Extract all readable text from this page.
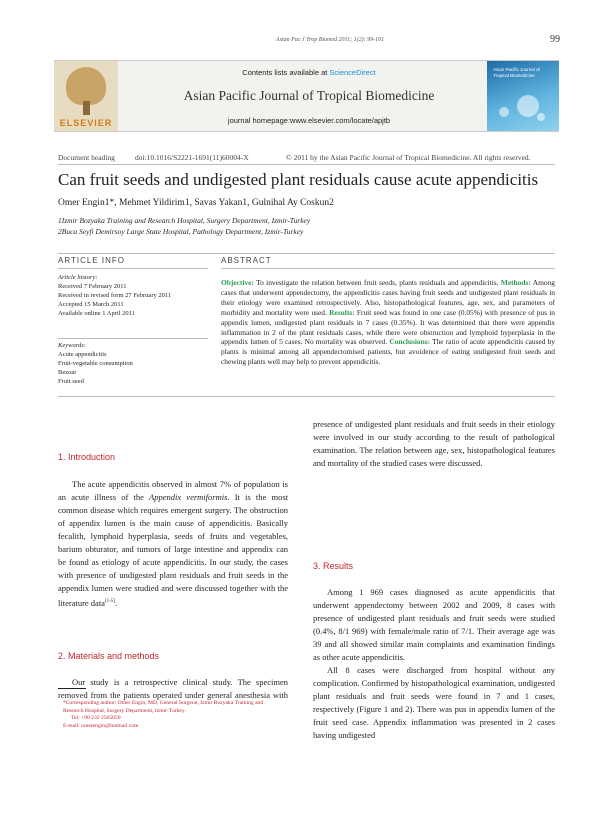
Asian Pac J Trop Biomed 2011; 1(2): 99-101	99
ELSEVIER
Contents lists available at ScienceDirect
Asian Pacific Journal of Tropical Biomedicine
journal homepage:www.elsevier.com/locate/apjtb
Asian Pacific Journal of Tropical Biomedicine
Document heading	doi:10.1016/S2221-1691(11)60004-X	© 2011 by the Asian Pacific Journal of Tropical Biomedicine. All rights reserved.
Can fruit seeds and undigested plant residuals cause acute appendicitis
Omer Engin1*, Mehmet Yildirim1, Savas Yakan1, Gulnihal Ay Coskun2
1Izmir Bozyaka Training and Research Hospital, Surgery Department, Izmir-Turkey
2Buca Seyfi Demirsoy Large State Hospital, Pathology Department, Izmir-Turkey
ARTICLE INFO	ABSTRACT
Article history:
Received 7 February 2011
Received in revised form 27 February 2011
Accepted 15 March 2011
Available online 1 April 2011
Keywords:
Acute appendicitis
Fruit-vegetable consumption
Bezoar
Fruit seed
Objective: To investigate the relation between fruit seeds, plants residuals and appendicitis. Methods: Among cases that underwent appendectomy, the appendicitis cases having fruit seeds and undigested plant residuals in their etiology were examined retrospectively. Also, histopathological features, age, sex, and parameters of morbidity and mortality were used. Results: Fruit seed was found in one case (0.05%) with presence of pus in appendix lumen, undigested plant residuals in 7 cases (0.35%). It was determined that there were appendix inflammation in 2 of the plant residuals cases, while there were obstruction and lymphoid hyperplasia in the appendix lumen of 5 cases. No mortality was observed. Conclusions: The ratio of acute appendicitis caused by plants is minimal among all appendectomised patients, but avoidence of eating undigested fruit seeds and chewing plants well may help to prevent appendicitis.
1. Introduction

The acute appendicitis observed in almost 7% of population is an acute illness of the Appendix vermiformis. It is the most common disease which requires emergent surgery. The obstruction of appendix lumen is the main cause of appendicitis. Basically fecalith, lymphoid hyperplasia, seeds of fruits and vegetables, barium obturator, and tumors of large intestine and appendix can be found as etiology of acute appendicitis. In our study, the cases with presence of undigested plant residuals and fruit seeds in the appendix lumen were studied and were discussed together with the literature data[1-5].

2. Materials and methods

Our study is a retrospective clinical study. The specimen removed from the patients operated under general anesthesia with

*Corresponding author: Omer Engin, MD, General Surgeon, Izmir Bozyaka Training and Research Hospital, Surgery Department, Izmir-Turkey.
Tel: +90 232 2505050
E-mail: omerengin@hotmail.com

presence of undigested plant residuals and fruit seeds in their etiology were involved in our study according to the result of pathological examination. The relation between age, sex, histopathological features and mortality of the studied cases were discussed.

3. Results

Among 1 969 cases diagnosed as acute appendicitis that underwent appendectomy between 2002 and 2009, 8 cases with presence of undigested plant residuals and fruit seeds were studied (0.4%, 8/1 969) with female/male ratio of 7/1. Their average age was 39 and all showed similar main complaints and examination findings as other acute appendicitis.

All 8 cases were discharged from hospital without any complication. Confirmed by histopathological examination, undigested plant residuals and fruit seeds were found in 7 and 1 cases, respectively (Figure 1 and 2). There was pus in appendix lumen of the fruit seed case. Appendix inflammation was presented in 2 cases having undigested
